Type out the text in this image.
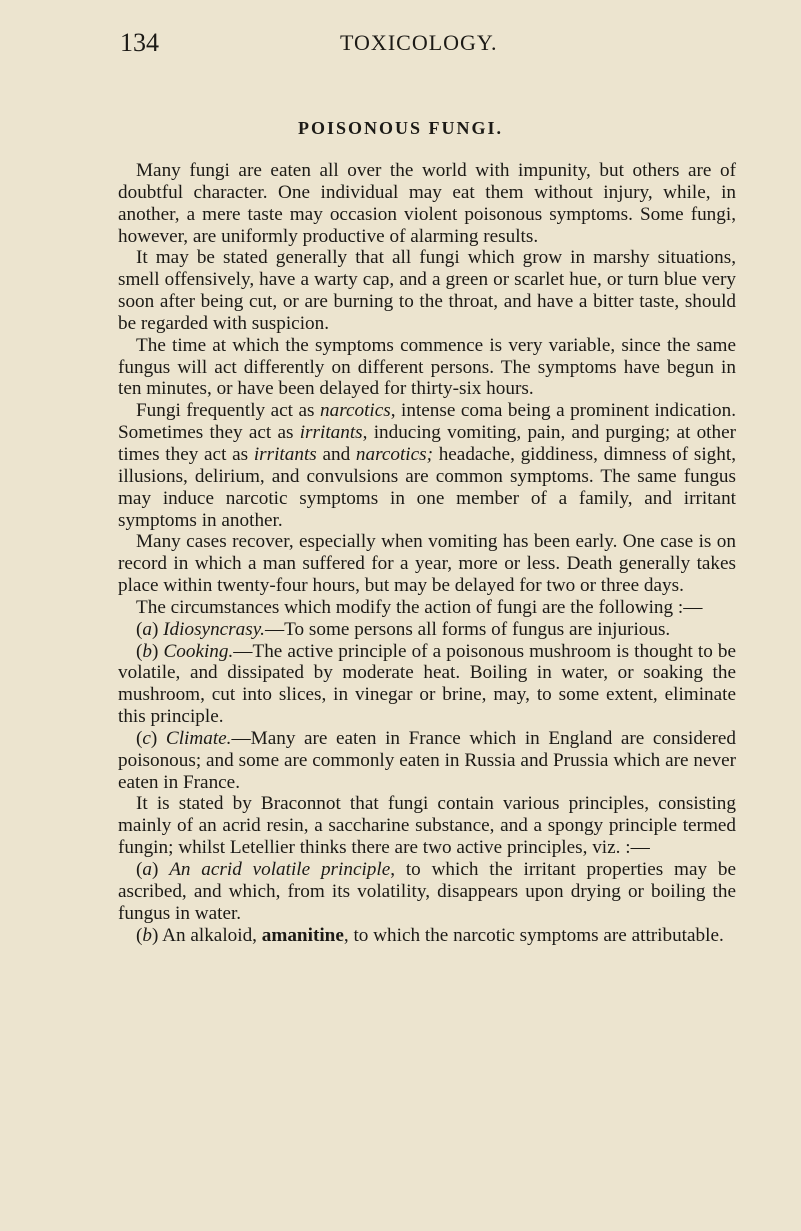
134	TOXICOLOGY.
POISONOUS FUNGI.

Many fungi are eaten all over the world with impunity, but others are of doubtful character. One individual may eat them without injury, while, in another, a mere taste may occasion violent poisonous symptoms. Some fungi, however, are uniformly productive of alarming results.

It may be stated generally that all fungi which grow in marshy situations, smell offensively, have a warty cap, and a green or scarlet hue, or turn blue very soon after being cut, or are burning to the throat, and have a bitter taste, should be regarded with suspicion.

The time at which the symptoms commence is very variable, since the same fungus will act differently on different persons. The symptoms have begun in ten minutes, or have been delayed for thirty-six hours.

Fungi frequently act as narcotics, intense coma being a prominent indication. Sometimes they act as irritants, inducing vomiting, pain, and purging; at other times they act as irritants and narcotics; headache, giddiness, dimness of sight, illusions, delirium, and convulsions are common symptoms. The same fungus may induce narcotic symptoms in one member of a family, and irritant symptoms in another.

Many cases recover, especially when vomiting has been early. One case is on record in which a man suffered for a year, more or less. Death generally takes place within twenty-four hours, but may be delayed for two or three days.

The circumstances which modify the action of fungi are the following :—

(a) Idiosyncrasy.—To some persons all forms of fungus are injurious.

(b) Cooking.—The active principle of a poisonous mushroom is thought to be volatile, and dissipated by moderate heat. Boiling in water, or soaking the mushroom, cut into slices, in vinegar or brine, may, to some extent, eliminate this principle.

(c) Climate.—Many are eaten in France which in England are considered poisonous; and some are commonly eaten in Russia and Prussia which are never eaten in France.

It is stated by Braconnot that fungi contain various principles, consisting mainly of an acrid resin, a saccharine substance, and a spongy principle termed fungin; whilst Letellier thinks there are two active principles, viz. :—

(a) An acrid volatile principle, to which the irritant properties may be ascribed, and which, from its volatility, disappears upon drying or boiling the fungus in water.

(b) An alkaloid, amanitine, to which the narcotic symptoms are attributable.
